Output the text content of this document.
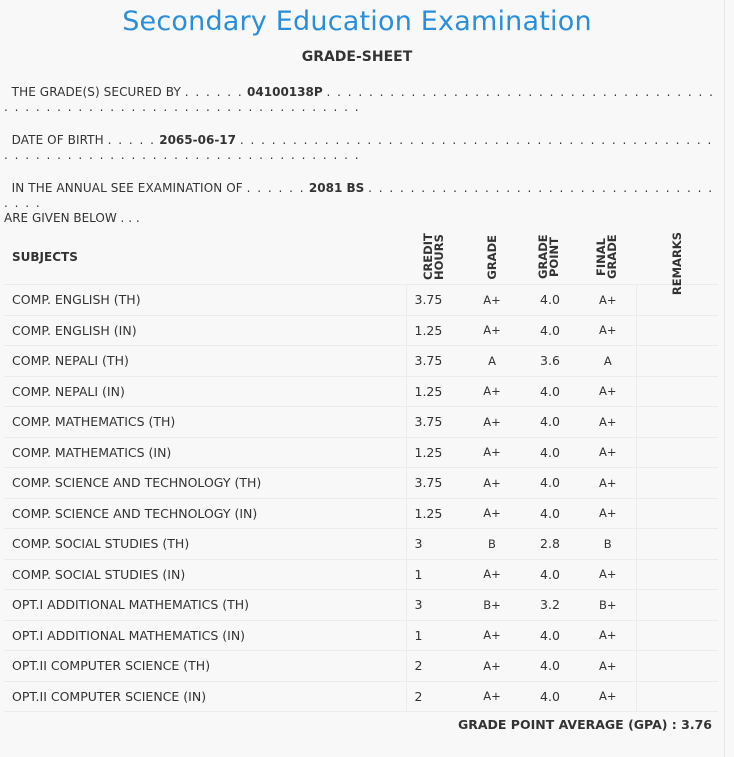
Secondary Education Examination
GRADE-SHEET
THE GRADE(S) SECURED BY . . . . . . 04100138P . . . . . . . . . . . . . . . . . . . . . . . . . . . . . . . . . . . . . . . . . . . . . . . . . . . . . . . . . . . . . . . . . . . . . . .
DATE OF BIRTH . . . . . 2065-06-17 . . . . . . . . . . . . . . . . . . . . . . . . . . . . . . . . . . . . . . . . . . . . . . . . . . . . . . . . . . . . . . . . . . . . . . . . . . . . . . .
IN THE ANNUAL SEE EXAMINATION OF . . . . . . 2081 BS . . . . . . . . . . . . . . . . . . . . . . . . . . . . . . . . . . . . .
ARE GIVEN BELOW . . .
SUBJECTS	CREDIT HOURS	GRADE	GRADE POINT	FINAL GRADE	REMARKS

COMP. ENGLISH (TH)	3.75	A+	4.0	A+	
COMP. ENGLISH (IN)	1.25	A+	4.0	A+	
COMP. NEPALI (TH)	3.75	A	3.6	A	
COMP. NEPALI (IN)	1.25	A+	4.0	A+	
COMP. MATHEMATICS (TH)	3.75	A+	4.0	A+	
COMP. MATHEMATICS (IN)	1.25	A+	4.0	A+	
COMP. SCIENCE AND TECHNOLOGY (TH)	3.75	A+	4.0	A+	
COMP. SCIENCE AND TECHNOLOGY (IN)	1.25	A+	4.0	A+	
COMP. SOCIAL STUDIES (TH)	3	B	2.8	B	
COMP. SOCIAL STUDIES (IN)	1	A+	4.0	A+	
OPT.I ADDITIONAL MATHEMATICS (TH)	3	B+	3.2	B+	
OPT.I ADDITIONAL MATHEMATICS (IN)	1	A+	4.0	A+	
OPT.II COMPUTER SCIENCE (TH)	2	A+	4.0	A+	
OPT.II COMPUTER SCIENCE (IN)	2	A+	4.0	A+	
GRADE POINT AVERAGE (GPA) : 3.76
